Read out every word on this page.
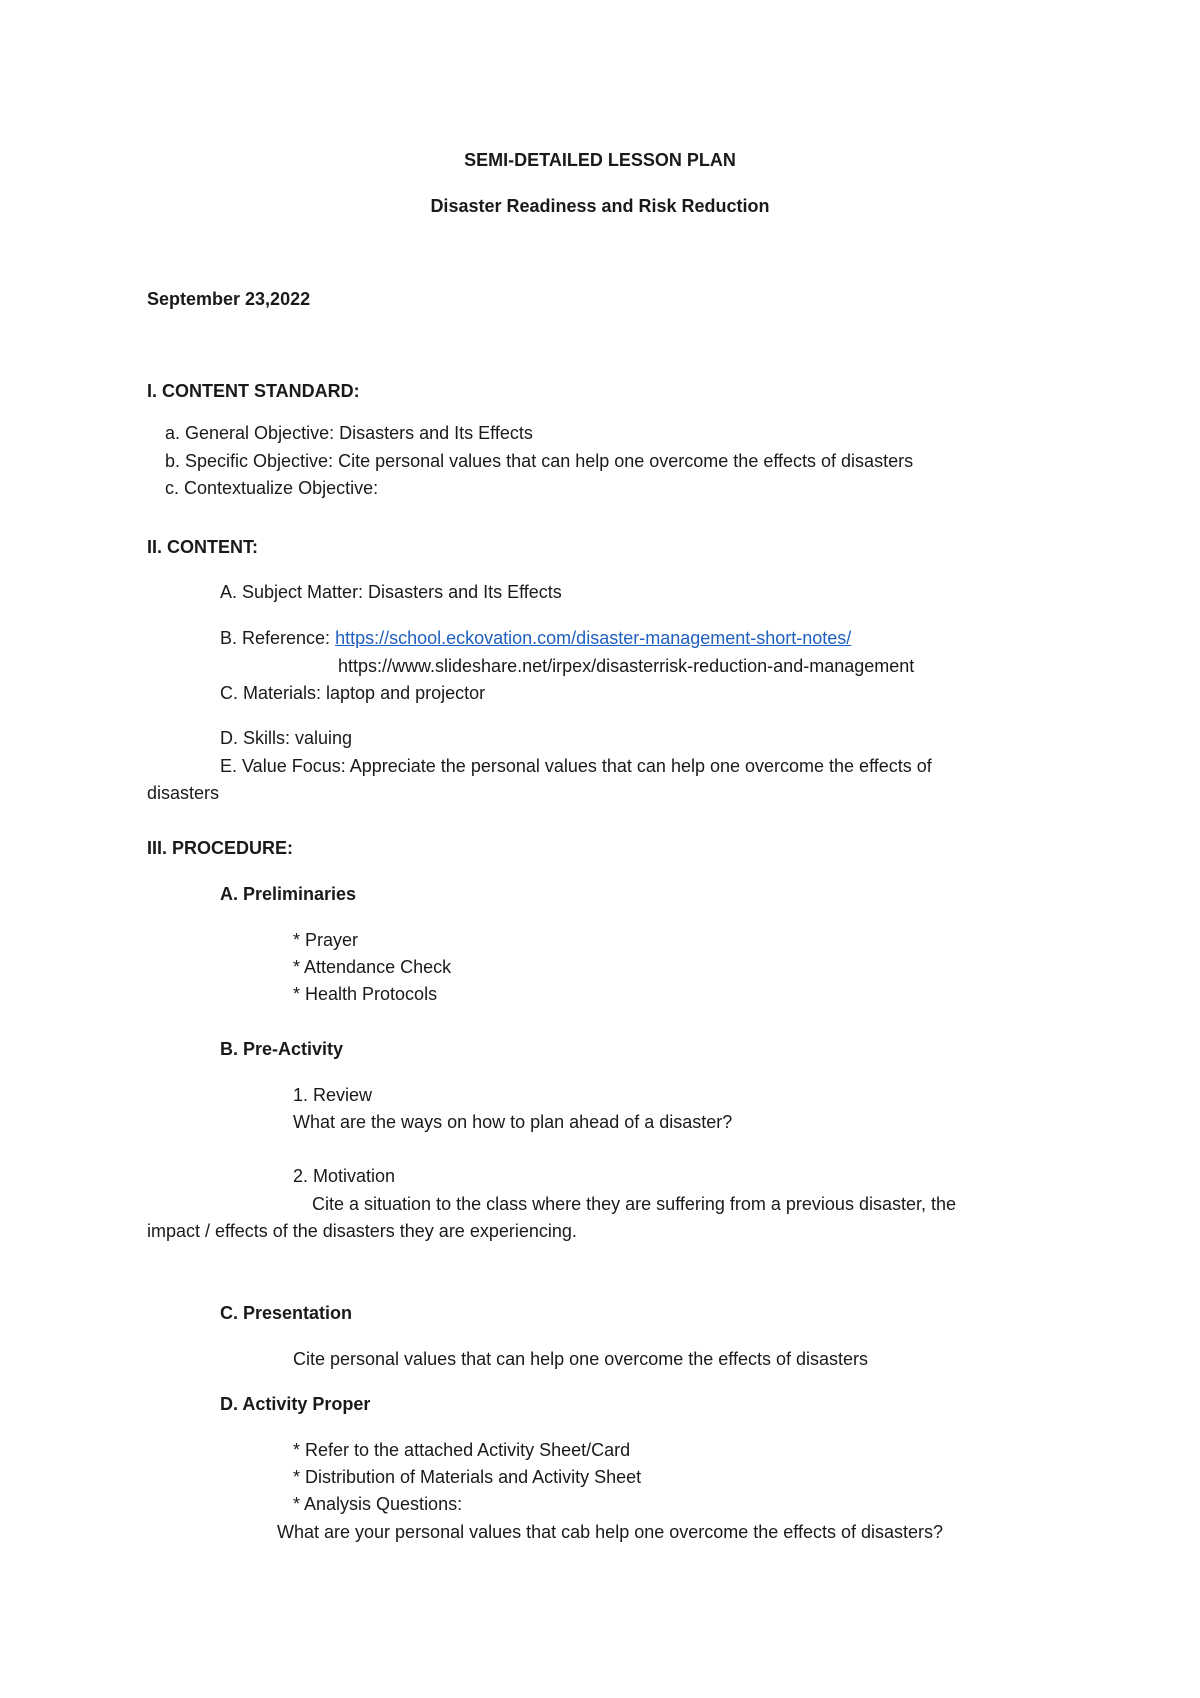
SEMI-DETAILED LESSON PLAN
Disaster Readiness and Risk Reduction
September 23,2022
I. CONTENT STANDARD:
a. General Objective: Disasters and Its Effects
b. Specific Objective: Cite personal values that can help one overcome the effects of disasters
c. Contextualize Objective:
II. CONTENT:
A. Subject Matter: Disasters and Its Effects
B. Reference: https://school.eckovation.com/disaster-management-short-notes/
https://www.slideshare.net/irpex/disasterrisk-reduction-and-management
C. Materials: laptop and projector
D. Skills: valuing
E. Value Focus: Appreciate the personal values that can help one overcome the effects of
disasters
III. PROCEDURE:
A. Preliminaries
* Prayer
* Attendance Check
* Health Protocols
B. Pre-Activity
1. Review
What are the ways on how to plan ahead of a disaster?
2. Motivation
Cite a situation to the class where they are suffering from a previous disaster, the
impact / effects of the disasters they are experiencing.
C. Presentation
Cite personal values that can help one overcome the effects of disasters
D. Activity Proper
* Refer to the attached Activity Sheet/Card
* Distribution of Materials and Activity Sheet
* Analysis Questions:
What are your personal values that cab help one overcome the effects of disasters?
